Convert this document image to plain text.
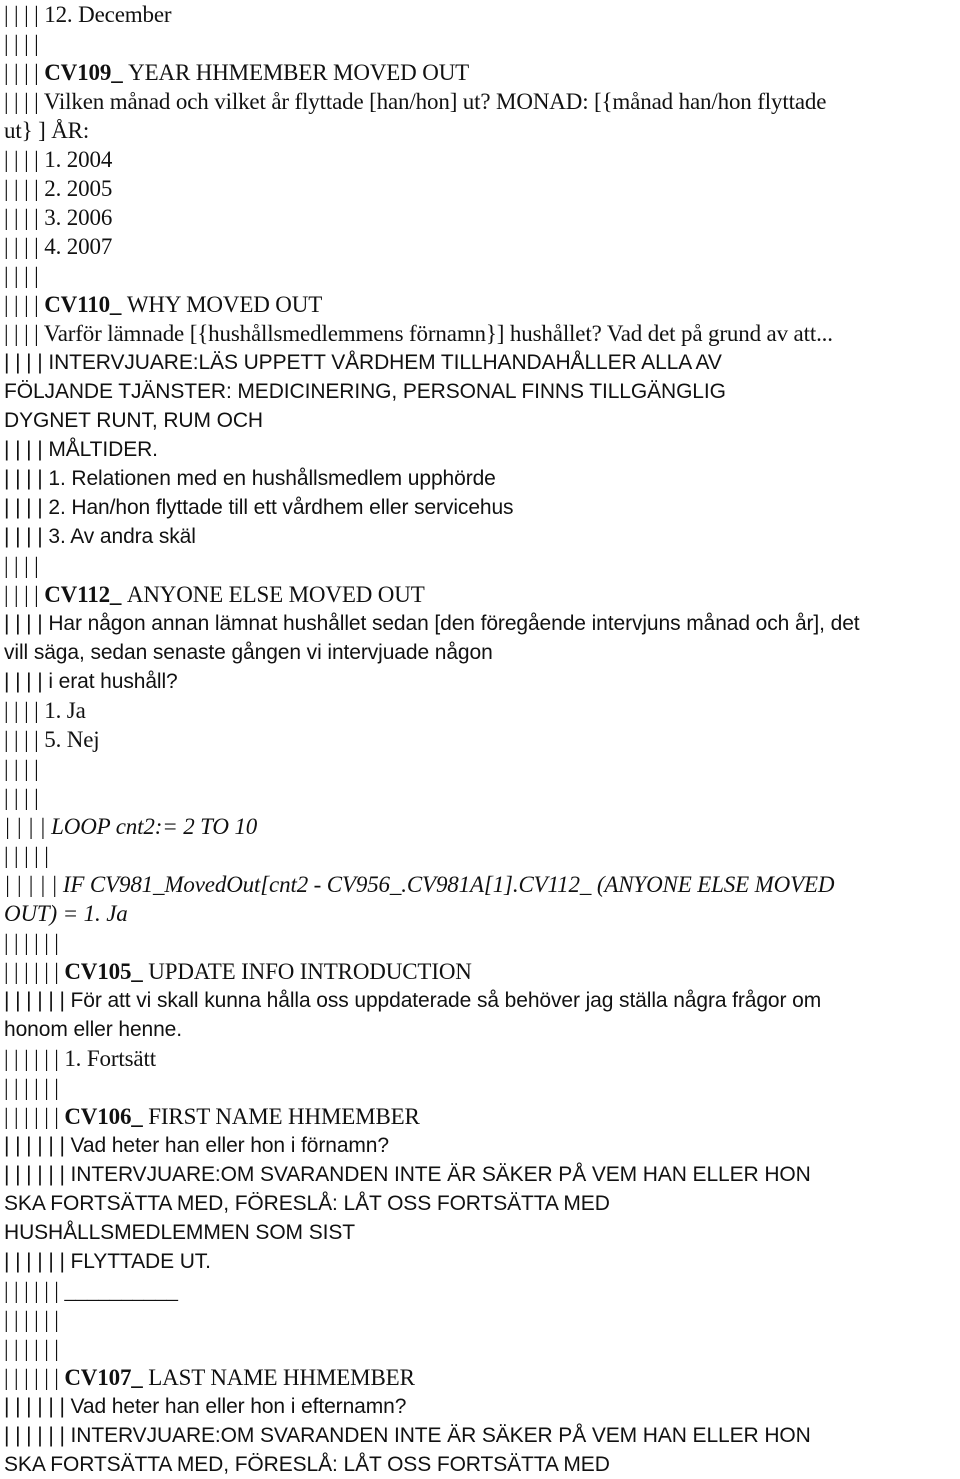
| | | | 12. December
| | | |
| | | | CV109_ YEAR HHMEMBER MOVED OUT
| | | | Vilken månad och vilket år flyttade [han/hon] ut? MONAD: [{månad han/hon flyttade
ut} ] ÅR:
| | | | 1. 2004
| | | | 2. 2005
| | | | 3. 2006
| | | | 4. 2007
| | | |
| | | | CV110_ WHY MOVED OUT
| | | | Varför lämnade [{hushållsmedlemmens förnamn}] hushållet? Vad det på grund av att...
| | | | INTERVJUARE:LÄS UPPETT VÅRDHEM TILLHANDAHÅLLER ALLA AV
FÖLJANDE TJÄNSTER: MEDICINERING, PERSONAL FINNS TILLGÄNGLIG
DYGNET RUNT, RUM OCH
| | | | MÅLTIDER.
| | | | 1. Relationen med en hushållsmedlem upphörde
| | | | 2. Han/hon flyttade till ett vårdhem eller servicehus
| | | | 3. Av andra skäl
| | | |
| | | | CV112_ ANYONE ELSE MOVED OUT
| | | | Har någon annan lämnat hushållet sedan [den föregående intervjuns månad och år], det
vill säga, sedan senaste gången vi intervjuade någon
| | | | i erat hushåll?
| | | | 1. Ja
| | | | 5. Nej
| | | |
| | | |
| | | | LOOP cnt2:= 2 TO 10
| | | | |
| | | | | IF CV981_MovedOut[cnt2 - CV956_.CV981A[1].CV112_ (ANYONE ELSE MOVED
OUT) = 1. Ja
| | | | | |
| | | | | | CV105_ UPDATE INFO INTRODUCTION
| | | | | | För att vi skall kunna hålla oss uppdaterade så behöver jag ställa några frågor om
honom eller henne.
| | | | | | 1. Fortsätt
| | | | | |
| | | | | | CV106_ FIRST NAME HHMEMBER
| | | | | | Vad heter han eller hon i förnamn?
| | | | | | INTERVJUARE:OM SVARANDEN INTE ÄR SÄKER PÅ VEM HAN ELLER HON
SKA FORTSÄTTA MED, FÖRESLÅ: LÅT OSS FORTSÄTTA MED
HUSHÅLLSMEDLEMMEN SOM SIST
| | | | | | FLYTTADE UT.
| | | | | | __________
| | | | | |
| | | | | |
| | | | | | CV107_ LAST NAME HHMEMBER
| | | | | | Vad heter han eller hon i efternamn?
| | | | | | INTERVJUARE:OM SVARANDEN INTE ÄR SÄKER PÅ VEM HAN ELLER HON
SKA FORTSÄTTA MED, FÖRESLÅ: LÅT OSS FORTSÄTTA MED
